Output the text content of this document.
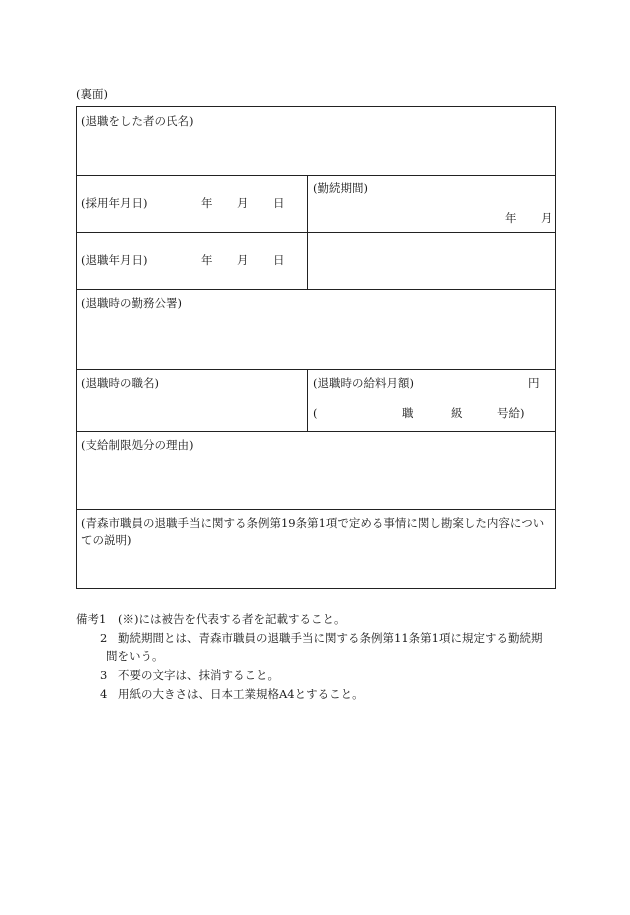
(裏面)
(退職をした者の氏名)
(採用年月日)	年 月 日
(勤続期間)
年 月
(退職年月日)	年 月 日
(退職時の勤務公署)
(退職時の職名)	(退職時の給料月額)	円
(	職	級	号給)
(支給制限処分の理由)
(青森市職員の退職手当に関する条例第19条第1項で定める事情に関し勘案した内容についての説明)
備考1 (※)には被告を代表する者を記載すること。
2 勤続期間とは、青森市職員の退職手当に関する条例第11条第1項に規定する勤続期
間をいう。
3 不要の文字は、抹消すること。
4 用紙の大きさは、日本工業規格A4とすること。
